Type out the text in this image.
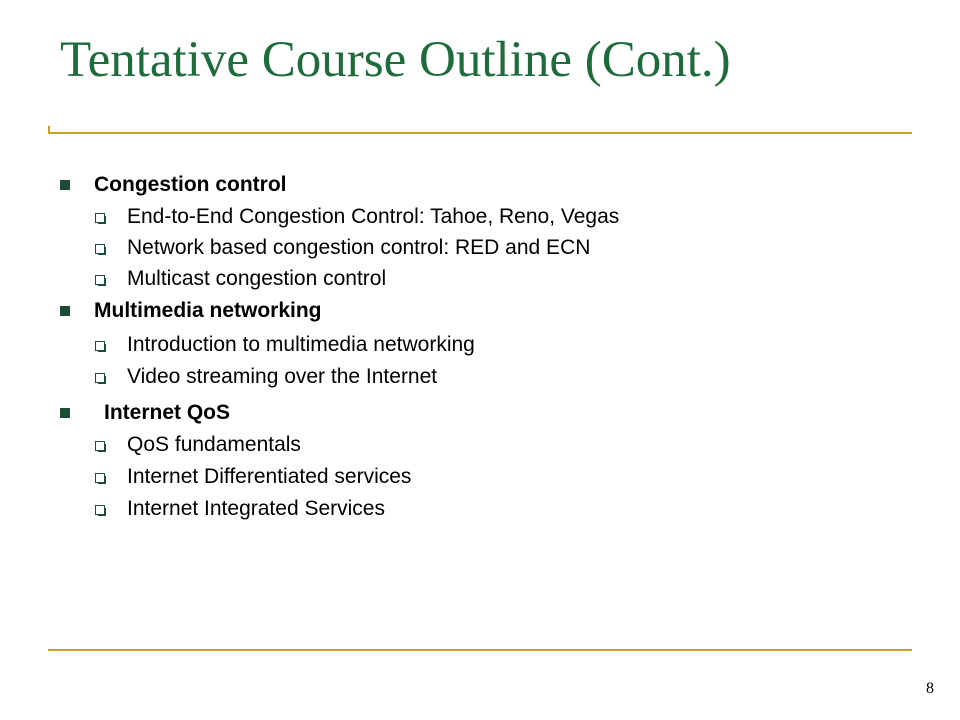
Tentative Course Outline (Cont.)
Congestion control
End-to-End Congestion Control: Tahoe, Reno, Vegas
Network based congestion control: RED and ECN
Multicast congestion control
Multimedia networking
Introduction to multimedia networking
Video streaming over the Internet
Internet QoS
QoS fundamentals
Internet Differentiated services
Internet Integrated Services
8
